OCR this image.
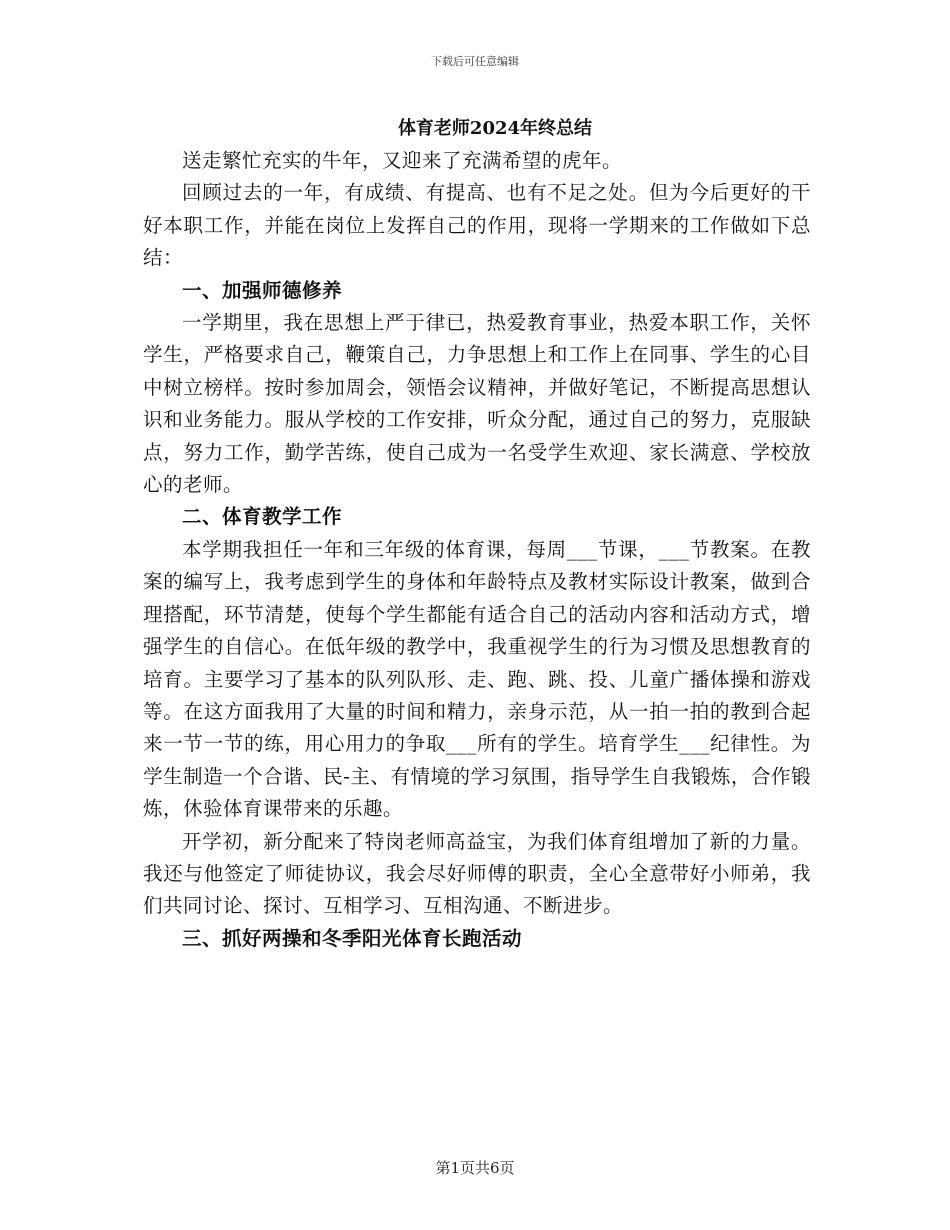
下载后可任意编辑
体育老师2024年终总结

送走繁忙充实的牛年，又迎来了充满希望的虎年。

回顾过去的一年，有成绩、有提高、也有不足之处。但为今后更好的干好本职工作，并能在岗位上发挥自己的作用，现将一学期来的工作做如下总结：

一、加强师德修养

一学期里，我在思想上严于律已，热爱教育事业，热爱本职工作，关怀学生，严格要求自己，鞭策自己，力争思想上和工作上在同事、学生的心目中树立榜样。按时参加周会，领悟会议精神，并做好笔记，不断提高思想认识和业务能力。服从学校的工作安排，听众分配，通过自己的努力，克服缺点，努力工作，勤学苦练，使自己成为一名受学生欢迎、家长满意、学校放心的老师。

二、体育教学工作

本学期我担任一年和三年级的体育课，每周___节课，___节教案。在教案的编写上，我考虑到学生的身体和年龄特点及教材实际设计教案，做到合理搭配，环节清楚，使每个学生都能有适合自己的活动内容和活动方式，增强学生的自信心。在低年级的教学中，我重视学生的行为习惯及思想教育的培育。主要学习了基本的队列队形、走、跑、跳、投、儿童广播体操和游戏等。在这方面我用了大量的时间和精力，亲身示范，从一拍一拍的教到合起来一节一节的练，用心用力的争取___所有的学生。培育学生___纪律性。为学生制造一个合谐、民-主、有情境的学习氛围，指导学生自我锻炼，合作锻炼，休验体育课带来的乐趣。

开学初，新分配来了特岗老师高益宝，为我们体育组增加了新的力量。我还与他签定了师徒协议，我会尽好师傅的职责，全心全意带好小师弟，我们共同讨论、探讨、互相学习、互相沟通、不断进步。

三、抓好两操和冬季阳光体育长跑活动

第1页共6页
